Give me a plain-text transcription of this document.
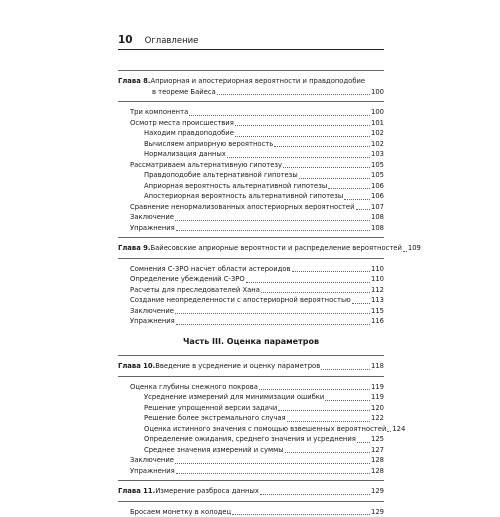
10 Оглавление
Глава 8. Априорная и апостериорная вероятности и правдоподобие
в теореме Байеса	100
Три компонента	100
Осмотр места происшествия	101
Находим правдоподобие	102
Вычисляем априорную вероятность	102
Нормализация данных	103
Рассматриваем альтернативную гипотезу	105
Правдоподобие альтернативной гипотезы	105
Априорная вероятность альтернативной гипотезы	106
Апостериорная вероятность альтернативной гипотезы	106
Сравнение ненормализованных апостериорных вероятностей 107
Заключение	108
Упражнения	108
Глава 9. Байесовские априорные вероятности и распределение вероятностей 109
Сомнения С-3РО насчет области астероидов	110
Определение убеждений С-3РО	110
Расчеты для преследователей Хана	112
Создание неопределенности с апостериорной вероятностью	113
Заключение	115
Упражнения	116
Часть III. Оценка параметров
Глава 10. Введение в усреднение и оценку параметров	118
Оценка глубины снежного покрова	119
Усреднение измерений для минимизации ошибки	119
Решение упрощенной версии задачи	120
Решение более экстремального случая	122
Оценка истинного значения с помощью взвешенных вероятностей 124
Определение ожидания, среднего значения и усреднения 125
Среднее значения измерений и суммы	127
Заключение	128
Упражнения	128
Глава 11. Измерение разброса данных	129
Бросаем монетку в колодец	129
